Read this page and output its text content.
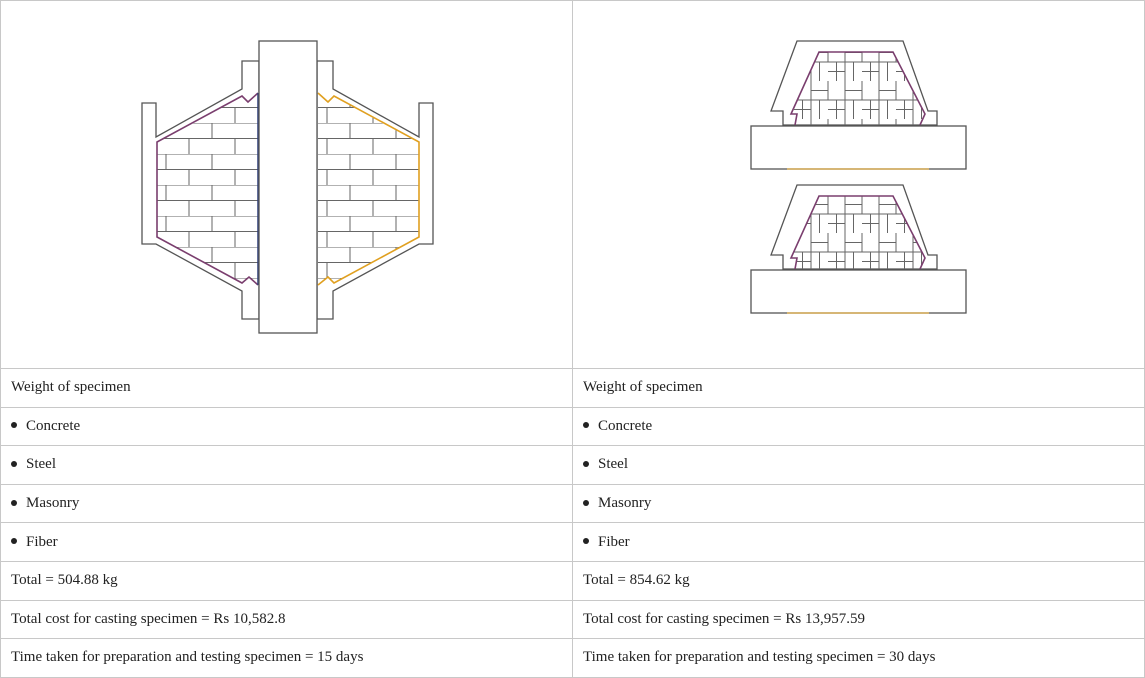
Weight of specimen	Weight of specimen
Concrete	Concrete
Steel	Steel
Masonry	Masonry
Fiber	Fiber
Total = 504.88 kg	Total = 854.62 kg
Total cost for casting specimen = Rs 10,582.8	Total cost for casting specimen = Rs 13,957.59
Time taken for preparation and testing specimen = 15 days	Time taken for preparation and testing specimen = 30 days
